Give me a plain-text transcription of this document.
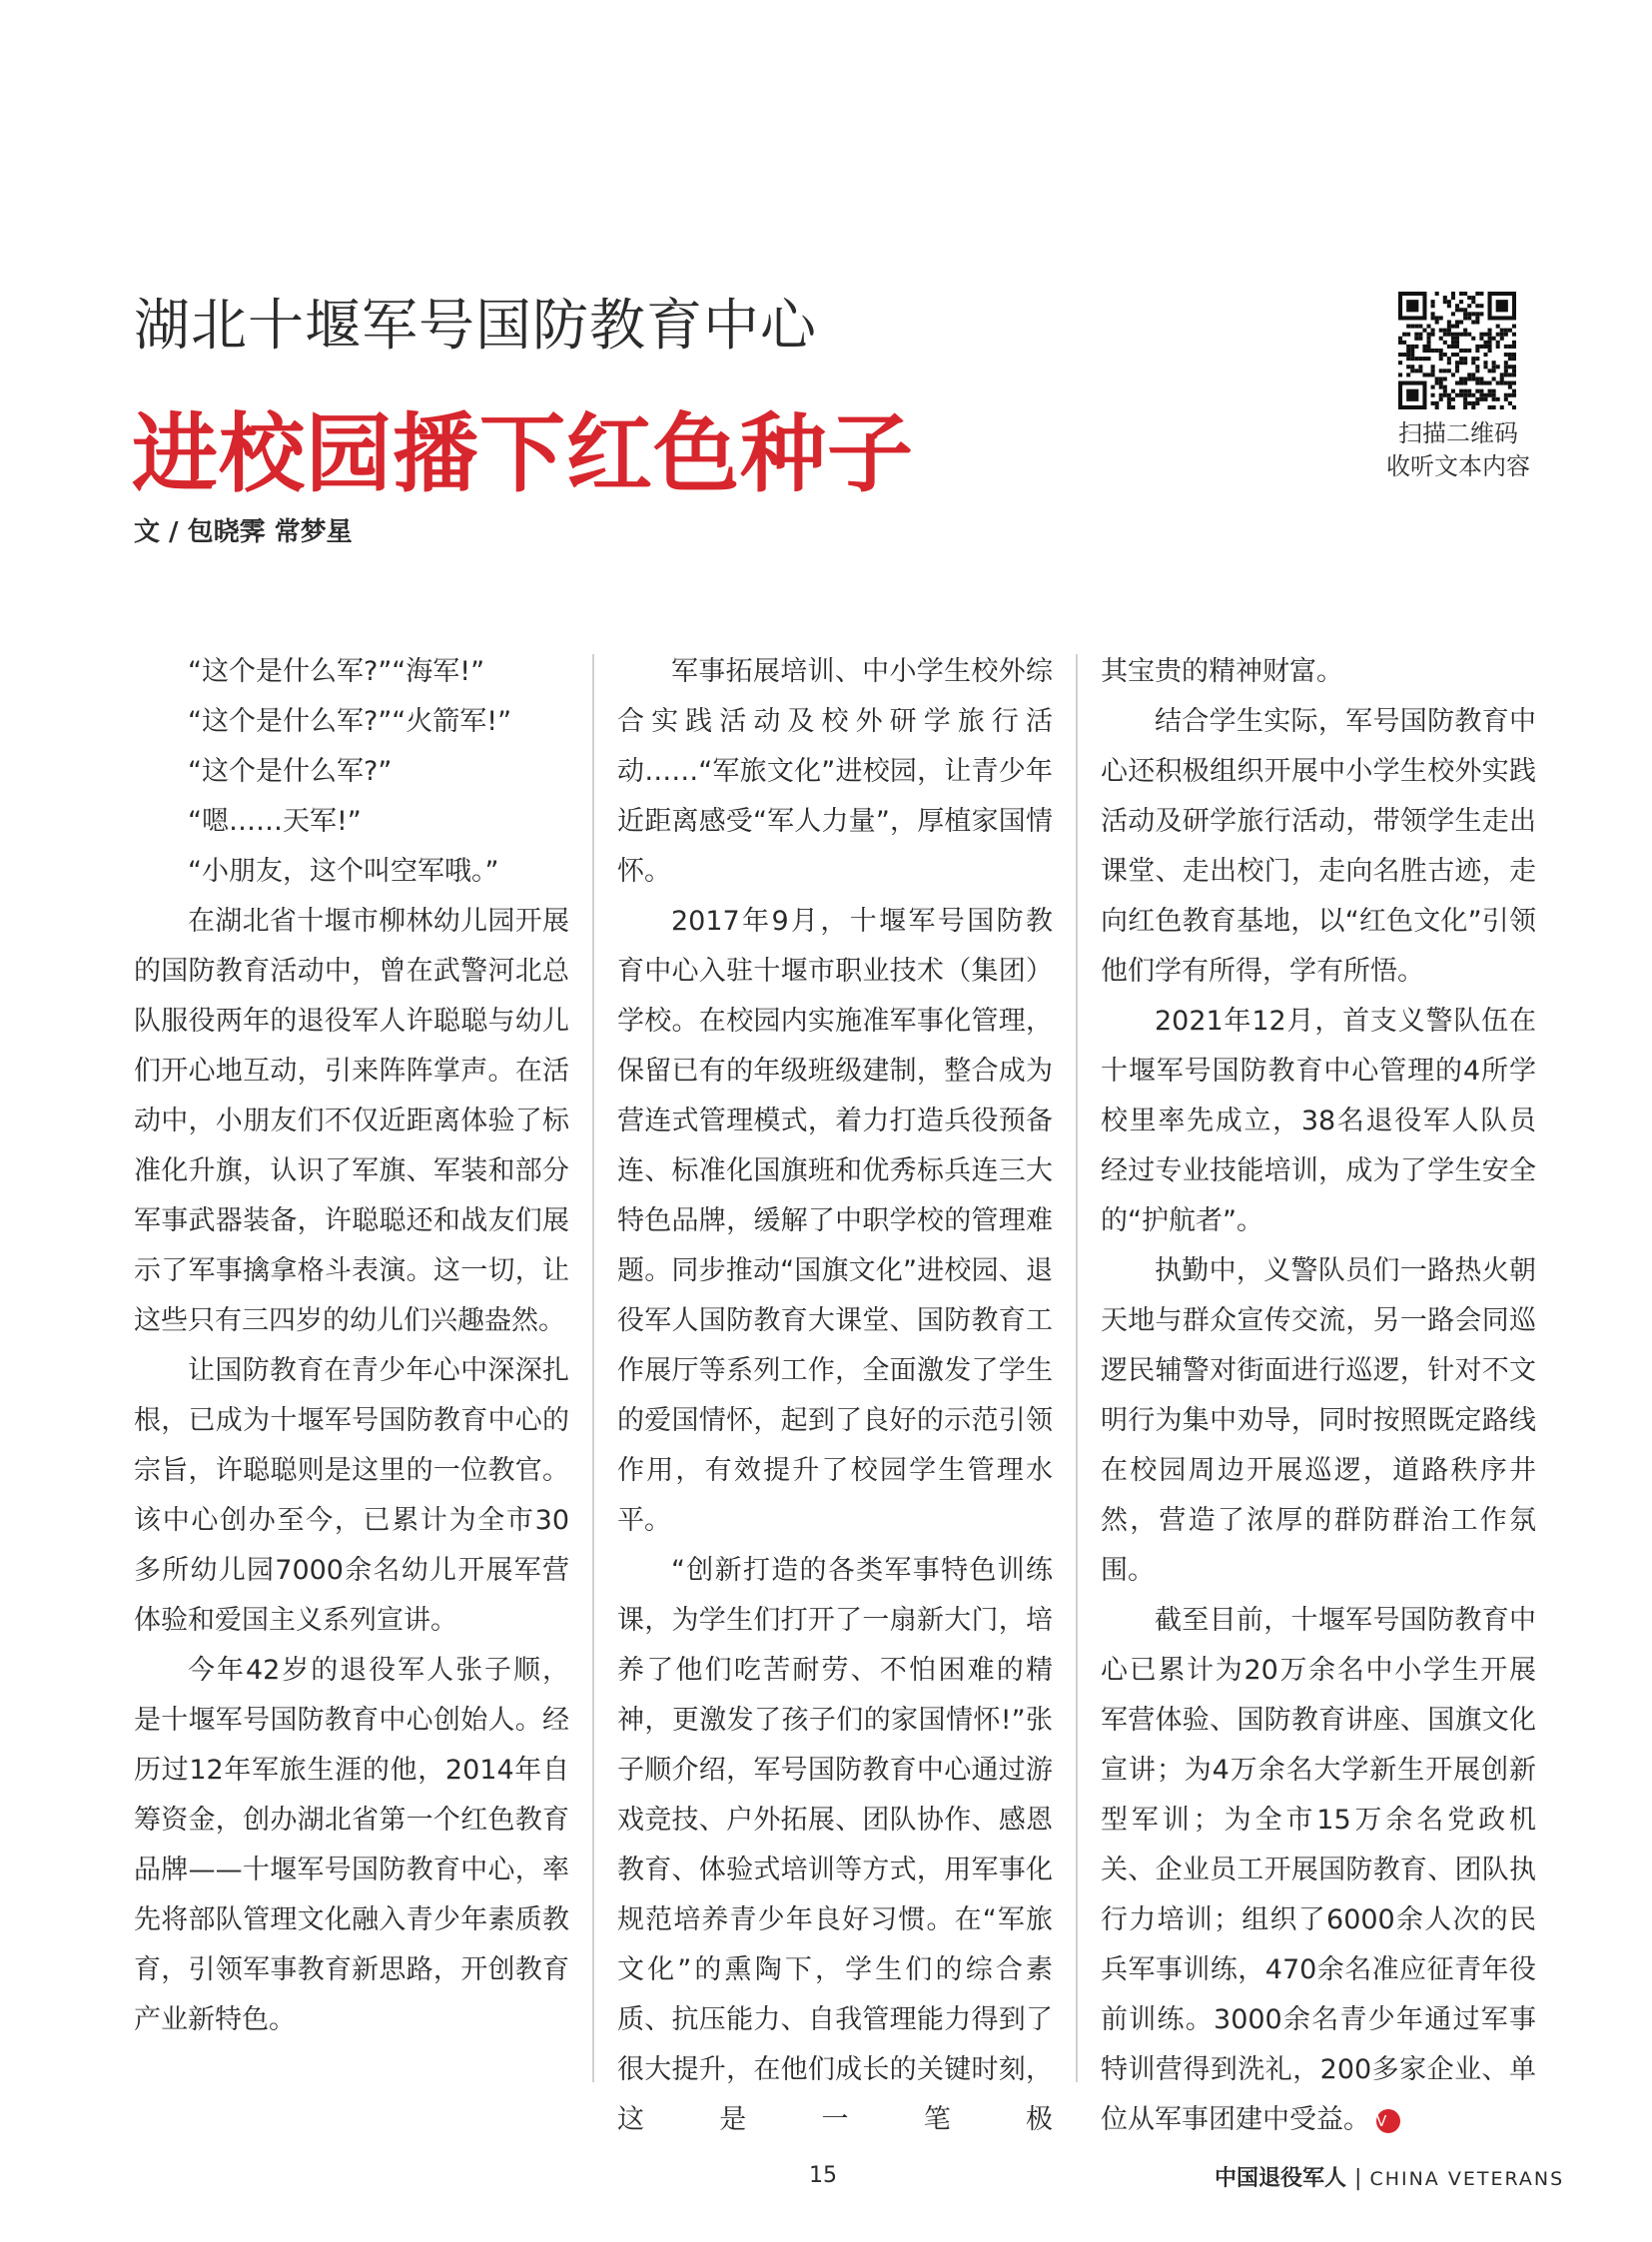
湖北十堰军号国防教育中心
进校园播下红色种子
文 / 包晓霁 常梦星
扫描二维码
收听文本内容

“这个是什么军?”“海军!”

“这个是什么军?”“火箭军!”

“这个是什么军?”

“嗯……天军!”

“小朋友，这个叫空军哦。”

在湖北省十堰市柳林幼儿园开展的国防教育活动中，曾在武警河北总队服役两年的退役军人许聪聪与幼儿们开心地互动，引来阵阵掌声。在活动中，小朋友们不仅近距离体验了标准化升旗，认识了军旗、军装和部分军事武器装备，许聪聪还和战友们展示了军事擒拿格斗表演。这一切，让这些只有三四岁的幼儿们兴趣盎然。

让国防教育在青少年心中深深扎根，已成为十堰军号国防教育中心的宗旨，许聪聪则是这里的一位教官。该中心创办至今，已累计为全市30多所幼儿园7000余名幼儿开展军营体验和爱国主义系列宣讲。

今年42岁的退役军人张子顺，是十堰军号国防教育中心创始人。经历过12年军旅生涯的他，2014年自筹资金，创办湖北省第一个红色教育品牌——十堰军号国防教育中心，率先将部队管理文化融入青少年素质教育，引领军事教育新思路，开创教育产业新特色。

军事拓展培训、中小学生校外综合实践活动及校外研学旅行活动……“军旅文化”进校园，让青少年近距离感受“军人力量”，厚植家国情怀。

2017年9月，十堰军号国防教育中心入驻十堰市职业技术（集团）学校。在校园内实施准军事化管理，保留已有的年级班级建制，整合成为营连式管理模式，着力打造兵役预备连、标准化国旗班和优秀标兵连三大特色品牌，缓解了中职学校的管理难题。同步推动“国旗文化”进校园、退役军人国防教育大课堂、国防教育工作展厅等系列工作，全面激发了学生的爱国情怀，起到了良好的示范引领作用，有效提升了校园学生管理水平。

“创新打造的各类军事特色训练课，为学生们打开了一扇新大门，培养了他们吃苦耐劳、不怕困难的精神，更激发了孩子们的家国情怀!”张子顺介绍，军号国防教育中心通过游戏竞技、户外拓展、团队协作、感恩教育、体验式培训等方式，用军事化规范培养青少年良好习惯。在“军旅文化”的熏陶下，学生们的综合素质、抗压能力、自我管理能力得到了很大提升，在他们成长的关键时刻，这是一笔极

其宝贵的精神财富。

结合学生实际，军号国防教育中心还积极组织开展中小学生校外实践活动及研学旅行活动，带领学生走出课堂、走出校门，走向名胜古迹，走向红色教育基地，以“红色文化”引领他们学有所得，学有所悟。

2021年12月，首支义警队伍在十堰军号国防教育中心管理的4所学校里率先成立，38名退役军人队员经过专业技能培训，成为了学生安全的“护航者”。

执勤中，义警队员们一路热火朝天地与群众宣传交流，另一路会同巡逻民辅警对街面进行巡逻，针对不文明行为集中劝导，同时按照既定路线在校园周边开展巡逻，道路秩序井然，营造了浓厚的群防群治工作氛围。

截至目前，十堰军号国防教育中心已累计为20万余名中小学生开展军营体验、国防教育讲座、国旗文化宣讲；为4万余名大学新生开展创新型军训；为全市15万余名党政机关、企业员工开展国防教育、团队执行力培训；组织了6000余人次的民兵军事训练，470余名准应征青年役前训练。3000余名青少年通过军事特训营得到洗礼，200多家企业、单位从军事团建中受益。 V

15	中国退役军人 | CHINA VETERANS
